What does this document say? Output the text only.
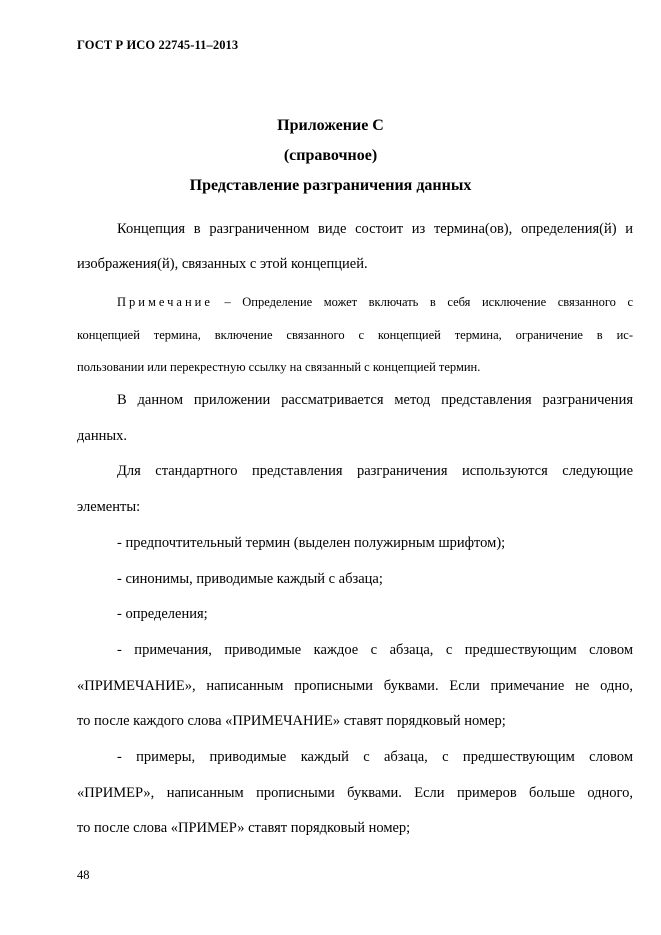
ГОСТ Р ИСО 22745-11–2013
Приложение С
(справочное)
Представление разграничения данных
Концепция в разграниченном виде состоит из термина(ов), определения(й) и
изображения(й), связанных с этой концепцией.
Примечание – Определение может включать в себя исключение связанного с
концепцией термина, включение связанного с концепцией термина, ограничение в ис-
пользовании или перекрестную ссылку на связанный с концепцией термин.
В данном приложении рассматривается метод представления разграничения
данных.
Для стандартного представления разграничения используются следующие
элементы:
- предпочтительный термин (выделен полужирным шрифтом);
- синонимы, приводимые каждый с абзаца;
- определения;
- примечания, приводимые каждое с абзаца, с предшествующим словом
«ПРИМЕЧАНИЕ», написанным прописными буквами. Если примечание не одно,
то после каждого слова «ПРИМЕЧАНИЕ» ставят порядковый номер;
- примеры, приводимые каждый с абзаца, с предшествующим словом
«ПРИМЕР», написанным прописными буквами. Если примеров больше одного,
то после слова «ПРИМЕР» ставят порядковый номер;
48
